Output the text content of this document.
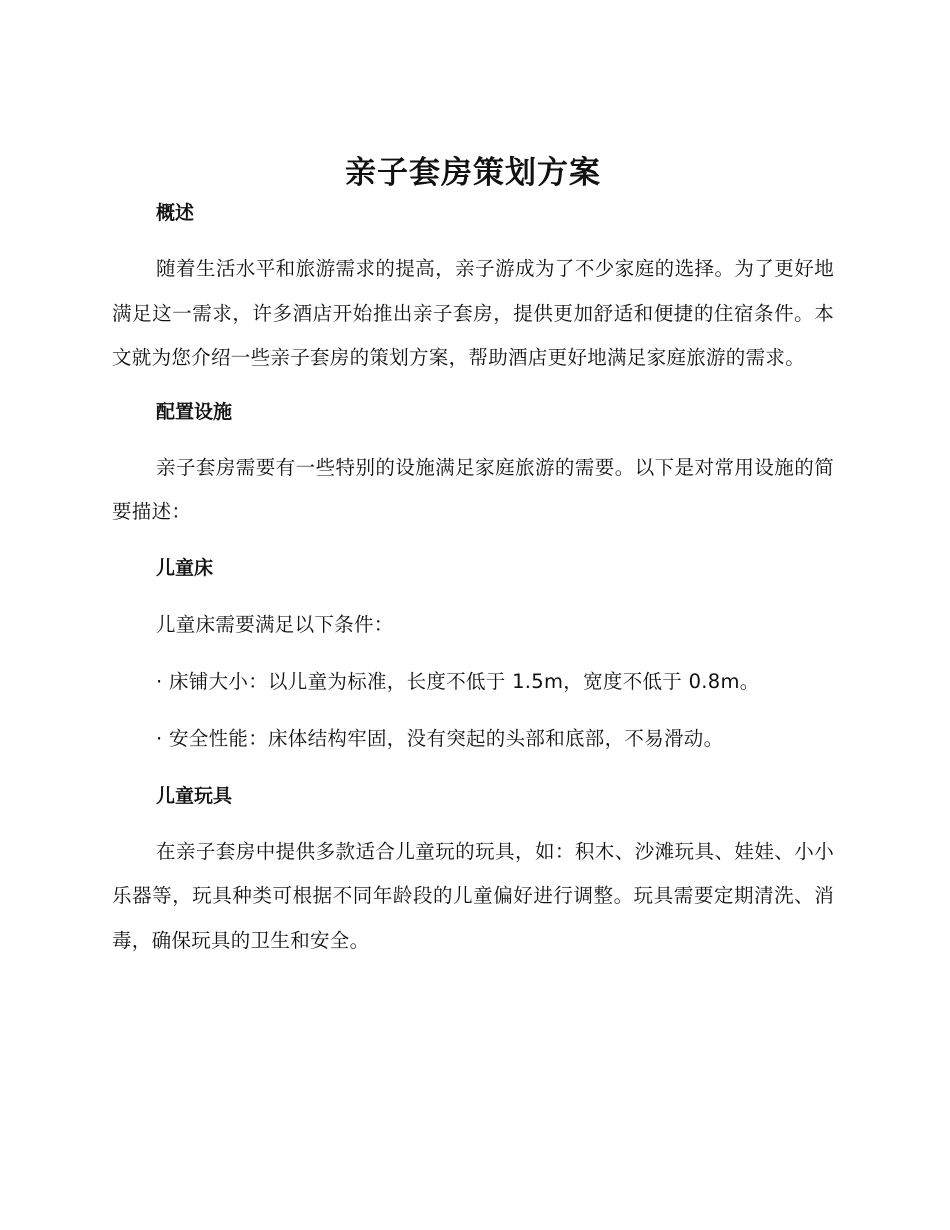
亲子套房策划方案
概述

随着生活水平和旅游需求的提高，亲子游成为了不少家庭的选择。为了更好地满足这一需求，许多酒店开始推出亲子套房，提供更加舒适和便捷的住宿条件。本文就为您介绍一些亲子套房的策划方案，帮助酒店更好地满足家庭旅游的需求。

配置设施

亲子套房需要有一些特别的设施满足家庭旅游的需要。以下是对常用设施的简要描述：

儿童床
儿童床需要满足以下条件：
· 床铺大小：以儿童为标准，长度不低于 1.5m，宽度不低于 0.8m。
· 安全性能：床体结构牢固，没有突起的头部和底部，不易滑动。
儿童玩具

在亲子套房中提供多款适合儿童玩的玩具，如：积木、沙滩玩具、娃娃、小小乐器等，玩具种类可根据不同年龄段的儿童偏好进行调整。玩具需要定期清洗、消毒，确保玩具的卫生和安全。
